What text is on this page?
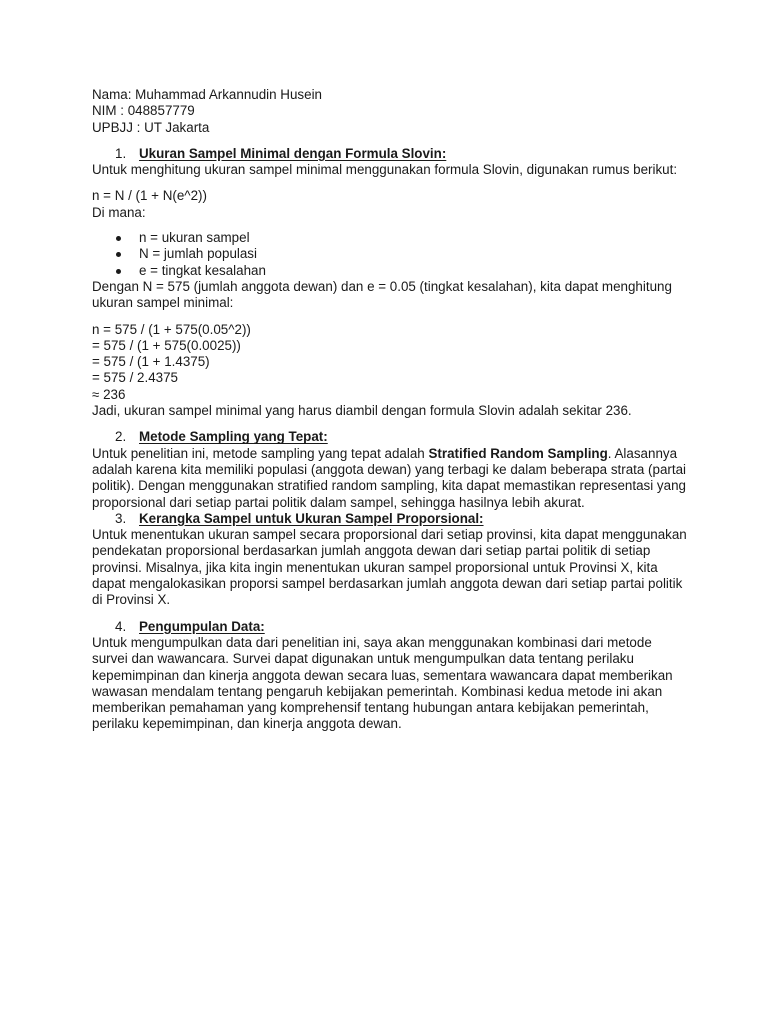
Nama: Muhammad Arkannudin Husein
NIM : 048857779
UPBJJ : UT Jakarta
1. Ukuran Sampel Minimal dengan Formula Slovin:
Untuk menghitung ukuran sampel minimal menggunakan formula Slovin, digunakan rumus berikut:
n = N / (1 + N(e^2))
Di mana:
n = ukuran sampel
N = jumlah populasi
e = tingkat kesalahan
Dengan N = 575 (jumlah anggota dewan) dan e = 0.05 (tingkat kesalahan), kita dapat menghitung
ukuran sampel minimal:
n = 575 / (1 + 575(0.05^2))
= 575 / (1 + 575(0.0025))
= 575 / (1 + 1.4375)
= 575 / 2.4375
≈ 236
Jadi, ukuran sampel minimal yang harus diambil dengan formula Slovin adalah sekitar 236.
2. Metode Sampling yang Tepat:
Untuk penelitian ini, metode sampling yang tepat adalah Stratified Random Sampling. Alasannya
adalah karena kita memiliki populasi (anggota dewan) yang terbagi ke dalam beberapa strata (partai
politik). Dengan menggunakan stratified random sampling, kita dapat memastikan representasi yang
proporsional dari setiap partai politik dalam sampel, sehingga hasilnya lebih akurat.
3. Kerangka Sampel untuk Ukuran Sampel Proporsional:
Untuk menentukan ukuran sampel secara proporsional dari setiap provinsi, kita dapat menggunakan
pendekatan proporsional berdasarkan jumlah anggota dewan dari setiap partai politik di setiap
provinsi. Misalnya, jika kita ingin menentukan ukuran sampel proporsional untuk Provinsi X, kita
dapat mengalokasikan proporsi sampel berdasarkan jumlah anggota dewan dari setiap partai politik
di Provinsi X.
4. Pengumpulan Data:
Untuk mengumpulkan data dari penelitian ini, saya akan menggunakan kombinasi dari metode
survei dan wawancara. Survei dapat digunakan untuk mengumpulkan data tentang perilaku
kepemimpinan dan kinerja anggota dewan secara luas, sementara wawancara dapat memberikan
wawasan mendalam tentang pengaruh kebijakan pemerintah. Kombinasi kedua metode ini akan
memberikan pemahaman yang komprehensif tentang hubungan antara kebijakan pemerintah,
perilaku kepemimpinan, dan kinerja anggota dewan.
